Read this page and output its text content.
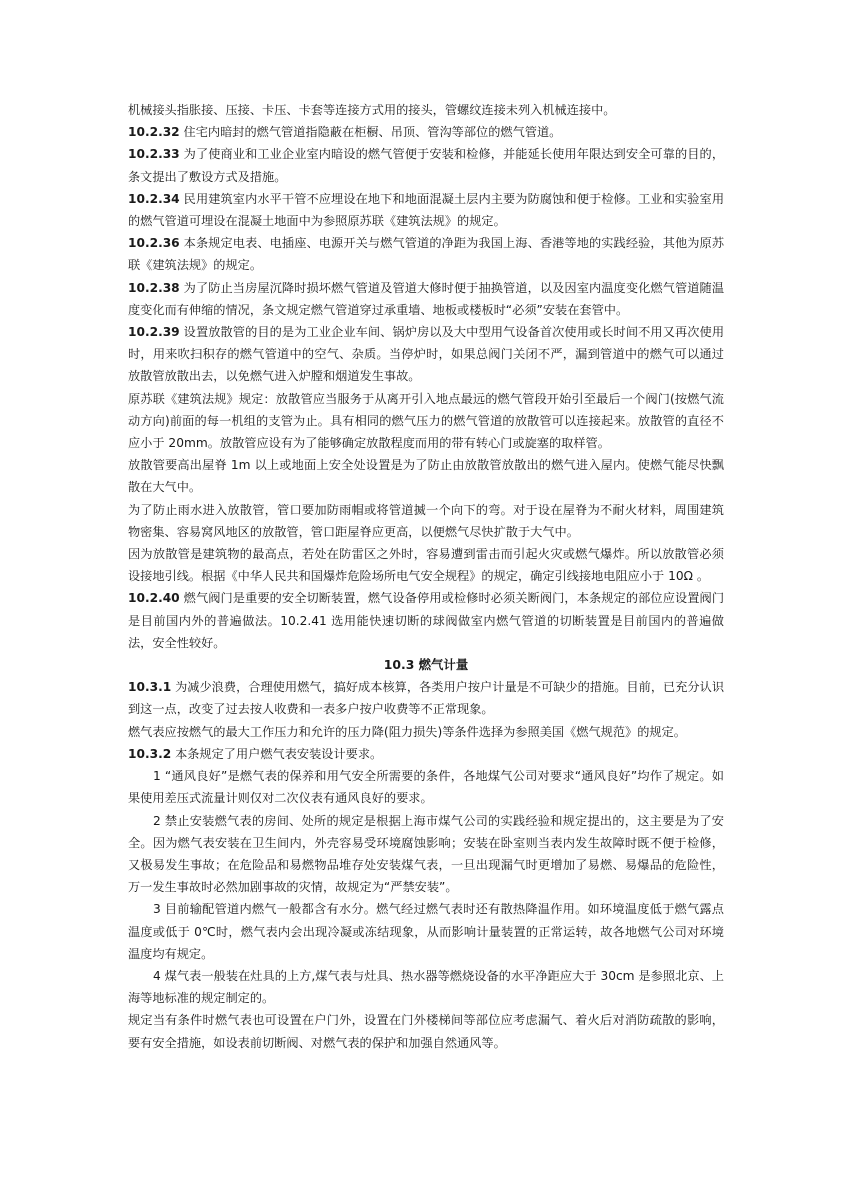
机械接头指胀接、压接、卡压、卡套等连接方式用的接头，管螺纹连接未列入机械连接中。

10.2.32 住宅内暗封的燃气管道指隐蔽在柜橱、吊顶、管沟等部位的燃气管道。

10.2.33 为了使商业和工业企业室内暗设的燃气管便于安装和检修，并能延长使用年限达到安全可靠的目的，条文提出了敷设方式及措施。

10.2.34 民用建筑室内水平干管不应埋设在地下和地面混凝土层内主要为防腐蚀和便于检修。工业和实验室用的燃气管道可埋设在混凝土地面中为参照原苏联《建筑法规》的规定。

10.2.36 本条规定电表、电插座、电源开关与燃气管道的净距为我国上海、香港等地的实践经验，其他为原苏联《建筑法规》的规定。

10.2.38 为了防止当房屋沉降时损坏燃气管道及管道大修时便于抽换管道，以及因室内温度变化燃气管道随温度变化而有伸缩的情况，条文规定燃气管道穿过承重墙、地板或楼板时“必须”安装在套管中。

10.2.39 设置放散管的目的是为工业企业车间、锅炉房以及大中型用气设备首次使用或长时间不用又再次使用时，用来吹扫积存的燃气管道中的空气、杂质。当停炉时，如果总阀门关闭不严，漏到管道中的燃气可以通过放散管放散出去，以免燃气进入炉膛和烟道发生事故。

原苏联《建筑法规》规定：放散管应当服务于从离开引入地点最远的燃气管段开始引至最后一个阀门(按燃气流动方向)前面的每一机组的支管为止。具有相同的燃气压力的燃气管道的放散管可以连接起来。放散管的直径不应小于 20mm。放散管应设有为了能够确定放散程度而用的带有转心门或旋塞的取样管。

放散管要高出屋脊 1m 以上或地面上安全处设置是为了防止由放散管放散出的燃气进入屋内。使燃气能尽快飘散在大气中。

为了防止雨水进入放散管，管口要加防雨帽或将管道揻一个向下的弯。对于设在屋脊为不耐火材料，周围建筑物密集、容易窝风地区的放散管，管口距屋脊应更高，以便燃气尽快扩散于大气中。

因为放散管是建筑物的最高点，若处在防雷区之外时，容易遭到雷击而引起火灾或燃气爆炸。所以放散管必须设接地引线。根据《中华人民共和国爆炸危险场所电气安全规程》的规定，确定引线接地电阻应小于 10Ω 。

10.2.40 燃气阀门是重要的安全切断装置，燃气设备停用或检修时必须关断阀门，本条规定的部位应设置阀门是目前国内外的普遍做法。10.2.41 选用能快速切断的球阀做室内燃气管道的切断装置是目前国内的普遍做法，安全性较好。

10.3 燃气计量

10.3.1 为减少浪费，合理使用燃气，搞好成本核算，各类用户按户计量是不可缺少的措施。目前，已充分认识到这一点，改变了过去按人收费和一表多户按户收费等不正常现象。

燃气表应按燃气的最大工作压力和允许的压力降(阻力损失)等条件选择为参照美国《燃气规范》的规定。

10.3.2 本条规定了用户燃气表安装设计要求。

1 “通风良好”是燃气表的保养和用气安全所需要的条件，各地煤气公司对要求“通风良好”均作了规定。如果使用差压式流量计则仅对二次仪表有通风良好的要求。

2 禁止安装燃气表的房间、处所的规定是根据上海市煤气公司的实践经验和规定提出的，这主要是为了安全。因为燃气表安装在卫生间内，外壳容易受环境腐蚀影响；安装在卧室则当表内发生故障时既不便于检修，又极易发生事故；在危险品和易燃物品堆存处安装煤气表，一旦出现漏气时更增加了易燃、易爆品的危险性，万一发生事故时必然加剧事故的灾情，故规定为“严禁安装”。

3 目前输配管道内燃气一般都含有水分。燃气经过燃气表时还有散热降温作用。如环境温度低于燃气露点温度或低于 0℃时，燃气表内会出现冷凝或冻结现象，从而影响计量装置的正常运转，故各地燃气公司对环境温度均有规定。

4 煤气表一般装在灶具的上方,煤气表与灶具、热水器等燃烧设备的水平净距应大于 30cm 是参照北京、上海等地标准的规定制定的。

规定当有条件时燃气表也可设置在户门外，设置在门外楼梯间等部位应考虑漏气、着火后对消防疏散的影响，要有安全措施，如设表前切断阀、对燃气表的保护和加强自然通风等。
